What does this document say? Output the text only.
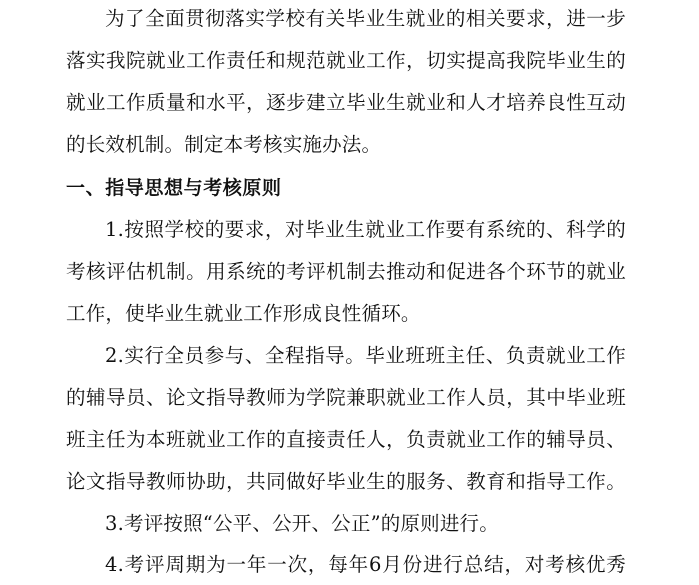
为了全面贯彻落实学校有关毕业生就业的相关要求，进一步
落实我院就业工作责任和规范就业工作，切实提高我院毕业生的
就业工作质量和水平，逐步建立毕业生就业和人才培养良性互动
的长效机制。制定本考核实施办法。
一、指导思想与考核原则
1.按照学校的要求，对毕业生就业工作要有系统的、科学的
考核评估机制。用系统的考评机制去推动和促进各个环节的就业
工作，使毕业生就业工作形成良性循环。
2.实行全员参与、全程指导。毕业班班主任、负责就业工作
的辅导员、论文指导教师为学院兼职就业工作人员，其中毕业班
班主任为本班就业工作的直接责任人，负责就业工作的辅导员、
论文指导教师协助，共同做好毕业生的服务、教育和指导工作。
3.考评按照“公平、公开、公正”的原则进行。
4.考评周期为一年一次，每年6月份进行总结，对考核优秀
